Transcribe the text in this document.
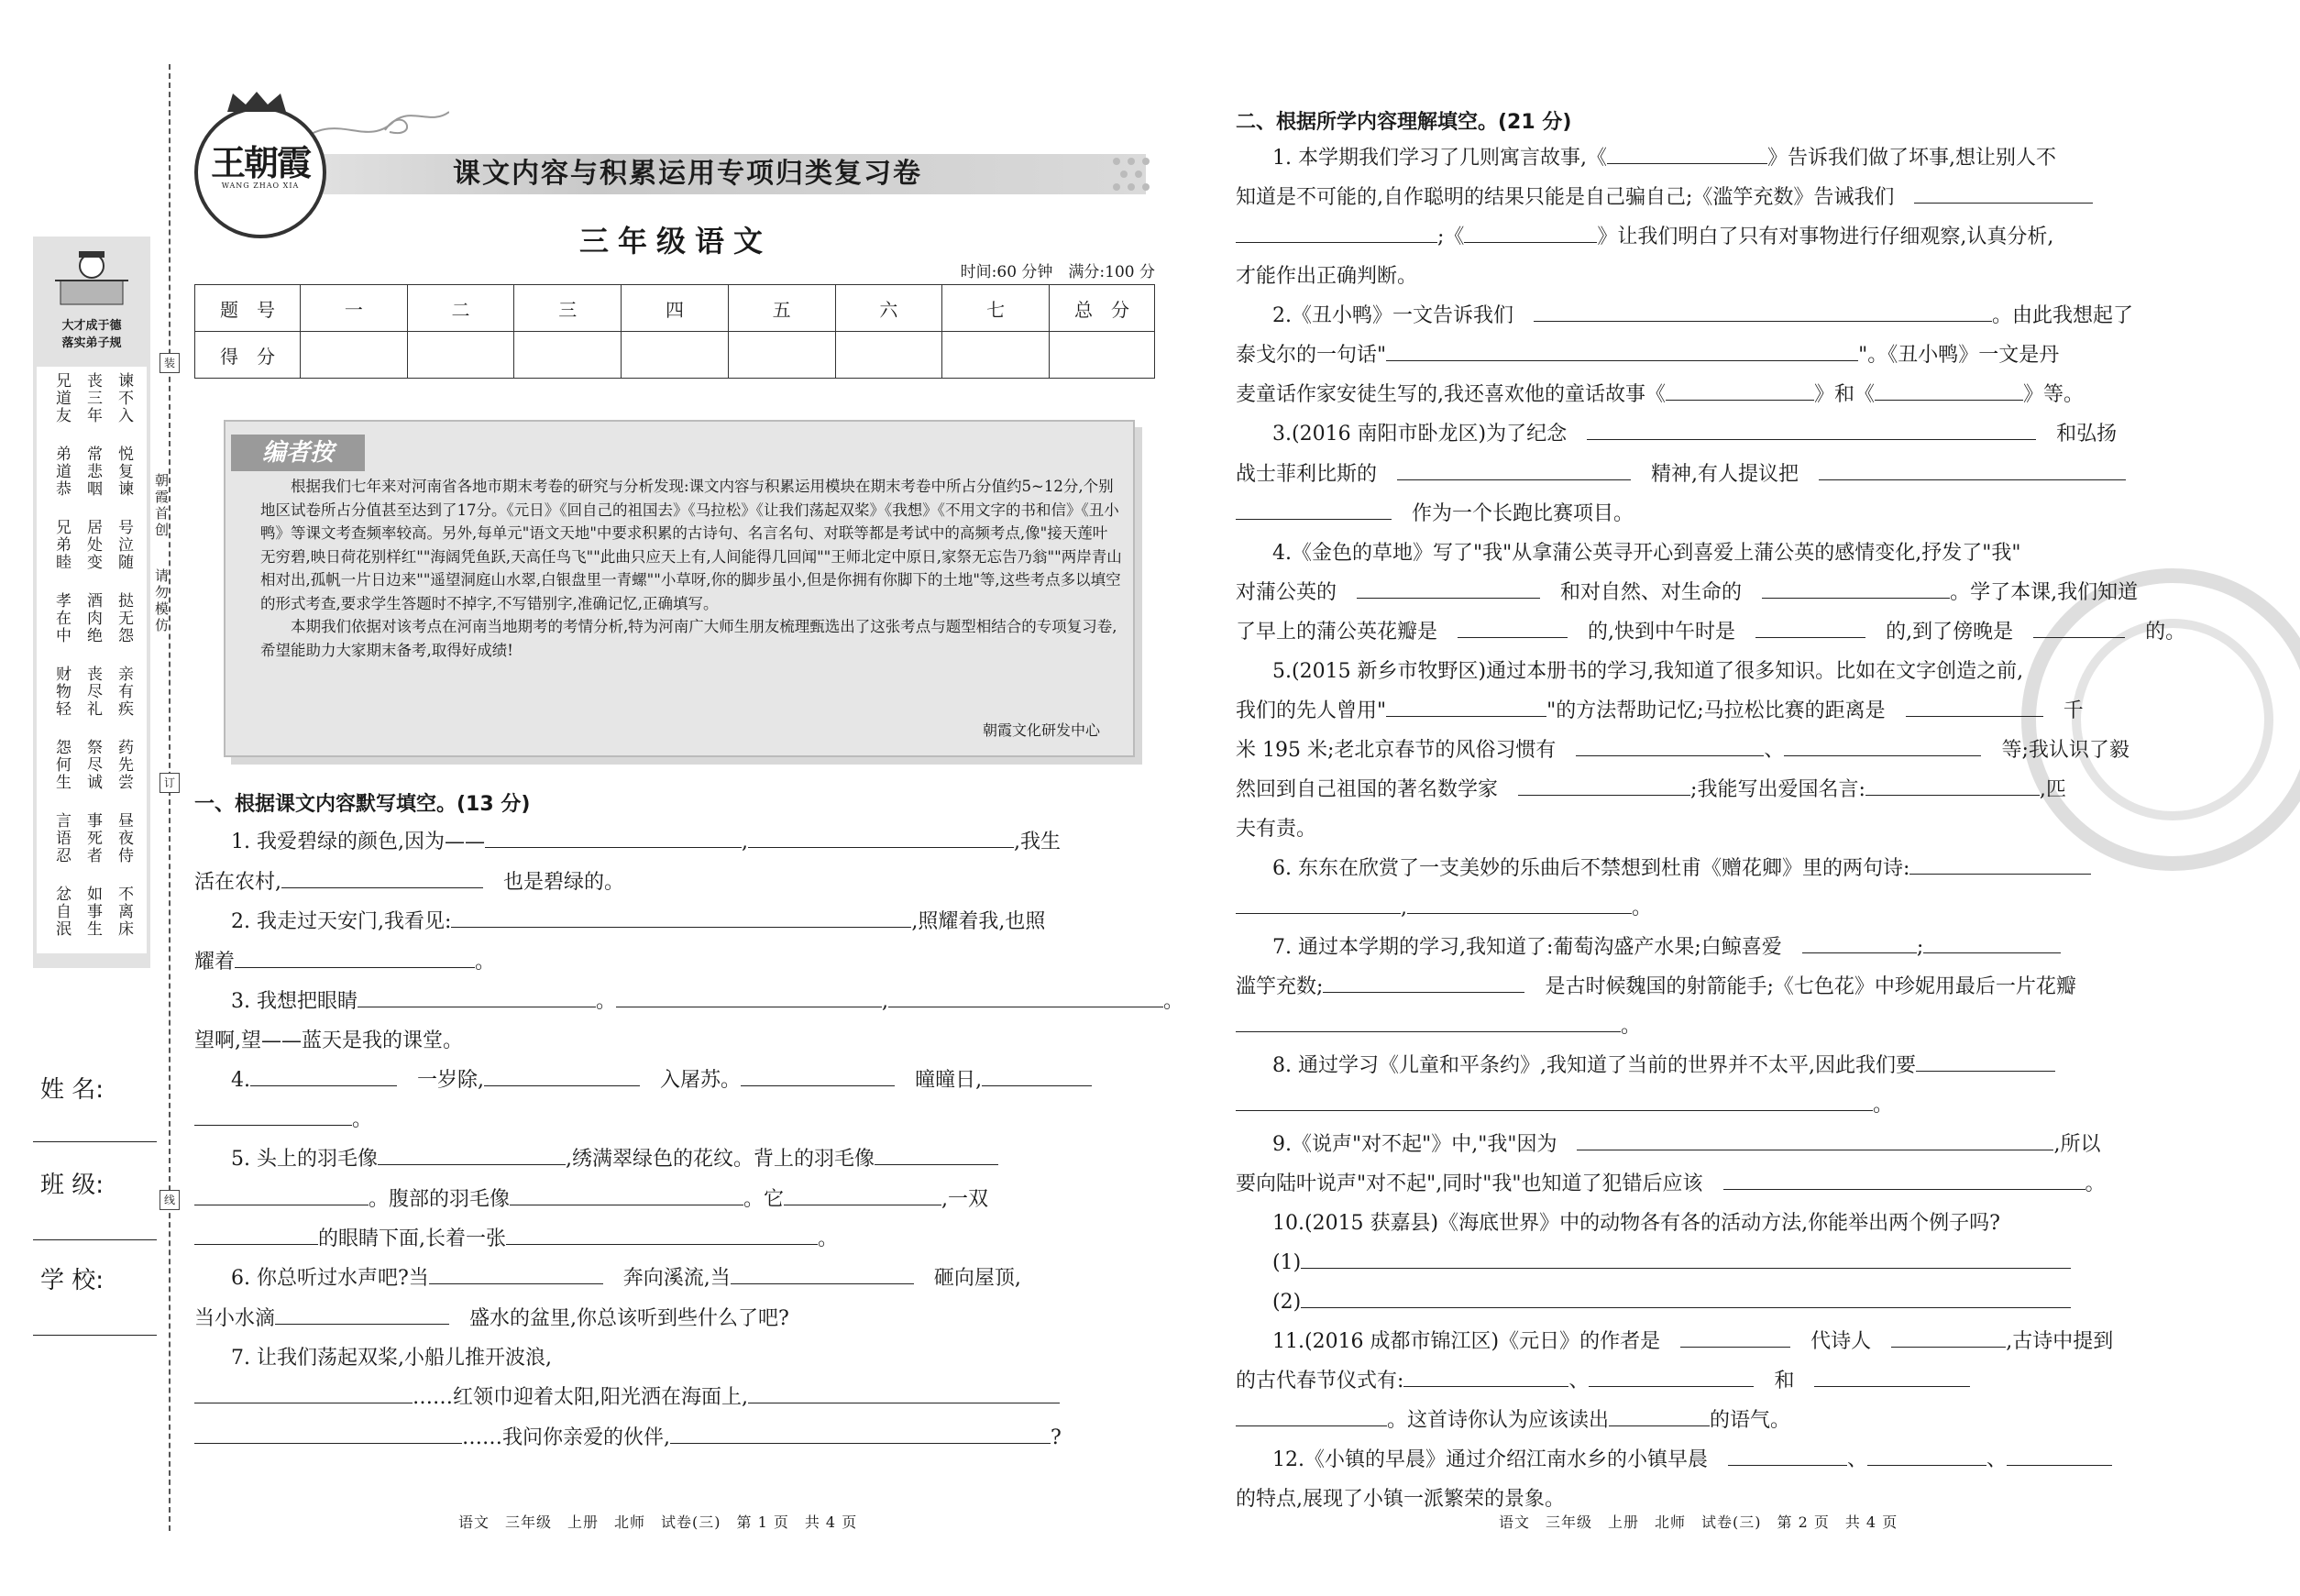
大才成于德
落实弟子规
兄道友
弟道恭
兄弟睦
孝在中
财物轻
怨何生
言语忍
忿自泯
丧三年
常悲咽
居处变
酒肉绝
丧尽礼
祭尽诚
事死者
如事生
谏不入
悦复谏
号泣随
挞无怨
亲有疾
药先尝
昼夜侍
不离床
姓 名:
班 级:
学 校:
装
订
线
朝霞首创
请勿模仿
课文内容与积累运用专项归类复习卷
王朝霞
WANG ZHAO XIA
三年级语文
时间:60 分钟　满分:100 分
题　号	一	二	三	四	五	六	七	总　分
得　分								
编者按
根据我们七年来对河南省各地市期末考卷的研究与分析发现:课文内容与积累运用模块在期末考卷中所占分值约5~12分,个别地区试卷所占分值甚至达到了17分。《元日》《回自己的祖国去》《马拉松》《让我们荡起双桨》《我想》《不用文字的书和信》《丑小鸭》等课文考查频率较高。另外,每单元"语文天地"中要求积累的古诗句、名言名句、对联等都是考试中的高频考点,像"接天莲叶无穷碧,映日荷花别样红""海阔凭鱼跃,天高任鸟飞""此曲只应天上有,人间能得几回闻""王师北定中原日,家祭无忘告乃翁""两岸青山相对出,孤帆一片日边来""遥望洞庭山水翠,白银盘里一青螺""小草呀,你的脚步虽小,但是你拥有你脚下的土地"等,这些考点多以填空的形式考查,要求学生答题时不掉字,不写错别字,准确记忆,正确填写。
本期我们依据对该考点在河南当地期考的考情分析,特为河南广大师生朋友梳理甄选出了这张考点与题型相结合的专项复习卷,希望能助力大家期末备考,取得好成绩!
朝霞文化研发中心
一、根据课文内容默写填空。(13 分)
1. 我爱碧绿的颜色,因为——	,	,我生
活在农村,　	也是碧绿的。
2. 我走过天安门,我看见:	,照耀着我,也照
耀着	。
3. 我想把眼睛	。	,	。
望啊,望——蓝天是我的课堂。
4.　	一岁除,　	入屠苏。　	曈曈日,
。
5. 头上的羽毛像	,绣满翠绿色的花纹。背上的羽毛像
。腹部的羽毛像	。它	,一双
的眼睛下面,长着一张	。
6. 你总听过水声吧?当　	奔向溪流,当　	砸向屋顶,
当小水滴　	盛水的盆里,你总该听到些什么了吧?
7. 让我们荡起双桨,小船儿推开波浪,
……红领巾迎着太阳,阳光洒在海面上,
……我问你亲爱的伙伴,	?
语文　三年级　上册　北师　试卷(三)　第 1 页　共 4 页
二、根据所学内容理解填空。(21 分)
1. 本学期我们学习了几则寓言故事,《	》告诉我们做了坏事,想让别人不
知道是不可能的,自作聪明的结果只能是自己骗自己;《滥竽充数》告诫我们　
;《	》让我们明白了只有对事物进行仔细观察,认真分析,
才能作出正确判断。
2.《丑小鸭》一文告诉我们　	。由此我想起了
泰戈尔的一句话"	"。《丑小鸭》一文是丹
麦童话作家安徒生写的,我还喜欢他的童话故事《	》和《	》等。
3.(2016 南阳市卧龙区)为了纪念　　	和弘扬
战士菲利比斯的　　	精神,有人提议把　
　作为一个长跑比赛项目。
4.《金色的草地》写了"我"从拿蒲公英寻开心到喜爱上蒲公英的感情变化,抒发了"我"
对蒲公英的　　	和对自然、对生命的　	。学了本课,我们知道
了早上的蒲公英花瓣是　　	的,快到中午时是　　	的,到了傍晚是　　	的。
5.(2015 新乡市牧野区)通过本册书的学习,我知道了很多知识。比如在文字创造之前,
我们的先人曾用"	"的方法帮助记忆;马拉松比赛的距离是　　	千
米 195 米;老北京春节的风俗习惯有　	、　	等;我认识了毅
然回到自己祖国的著名数学家　	;我能写出爱国名言:	,匹
夫有责。
6. 东东在欣赏了一支美妙的乐曲后不禁想到杜甫《赠花卿》里的两句诗:
,	。
7. 通过本学期的学习,我知道了:葡萄沟盛产水果;白鲸喜爱　	;
滥竽充数;　	是古时候魏国的射箭能手;《七色花》中珍妮用最后一片花瓣
。
8. 通过学习《儿童和平条约》,我知道了当前的世界并不太平,因此我们要
。
9.《说声"对不起"》中,"我"因为　	,所以
要向陆叶说声"对不起",同时"我"也知道了犯错后应该　	。
10.(2015 获嘉县)《海底世界》中的动物各有各的活动方法,你能举出两个例子吗?
(1)
(2)
11.(2016 成都市锦江区)《元日》的作者是　　	代诗人　	,古诗中提到
的古代春节仪式有:	、　	和　
。这首诗你认为应该读出	的语气。
12.《小镇的早晨》通过介绍江南水乡的小镇早晨　	、	、
的特点,展现了小镇一派繁荣的景象。
语文　三年级　上册　北师　试卷(三)　第 2 页　共 4 页
